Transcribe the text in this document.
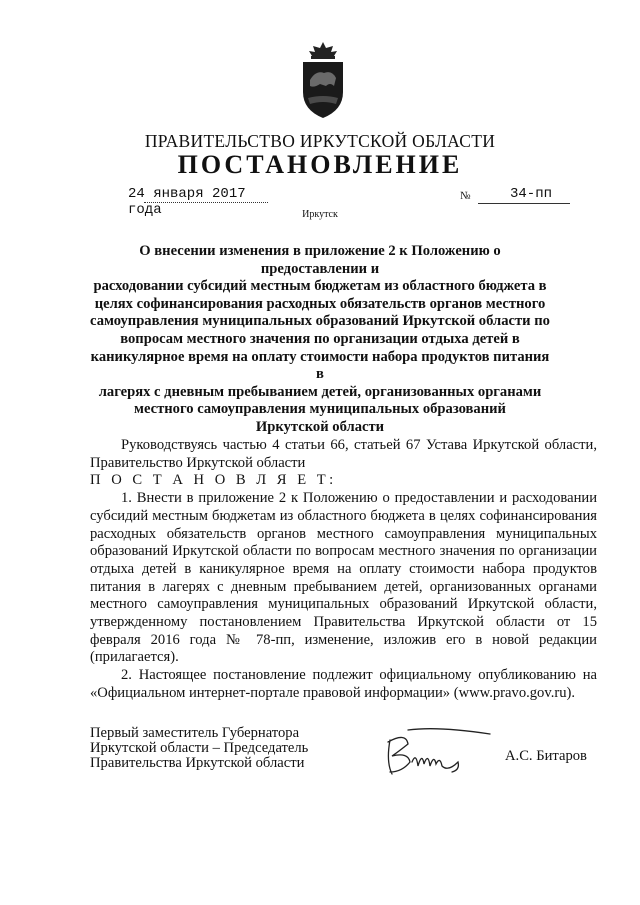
ПРАВИТЕЛЬСТВО ИРКУТСКОЙ ОБЛАСТИ
ПОСТАНОВЛЕНИЕ
24 января 2017 года
№	34-пп
Иркутск
О внесении изменения в приложение 2 к Положению о предоставлении и
расходовании субсидий местным бюджетам из областного бюджета в
целях софинансирования расходных обязательств органов местного
самоуправления муниципальных образований Иркутской области по
вопросам местного значения по организации отдыха детей в
каникулярное время на оплату стоимости набора продуктов питания в
лагерях с дневным пребыванием детей, организованных органами
местного самоуправления муниципальных образований
Иркутской области

Руководствуясь частью 4 статьи 66, статьей 67 Устава Иркутской области, Правительство Иркутской области

П О С Т А Н О В Л Я Е Т:

1. Внести в приложение 2 к Положению о предоставлении и расходовании субсидий местным бюджетам из областного бюджета в целях софинансирования расходных обязательств органов местного самоуправления муниципальных образований Иркутской области по вопросам местного значения по организации отдыха детей в каникулярное время на оплату стоимости набора продуктов питания в лагерях с дневным пребыванием детей, организованных органами местного самоуправления муниципальных образований Иркутской области, утвержденному постановлением Правительства Иркутской области от 15 февраля 2016 года № 78-пп, изменение, изложив его в новой редакции (прилагается).

2. Настоящее постановление подлежит официальному опубликованию на «Официальном интернет-портале правовой информации» (www.pravo.gov.ru).

Первый заместитель Губернатора
Иркутской области – Председатель
Правительства Иркутской области	А.С. Битаров
